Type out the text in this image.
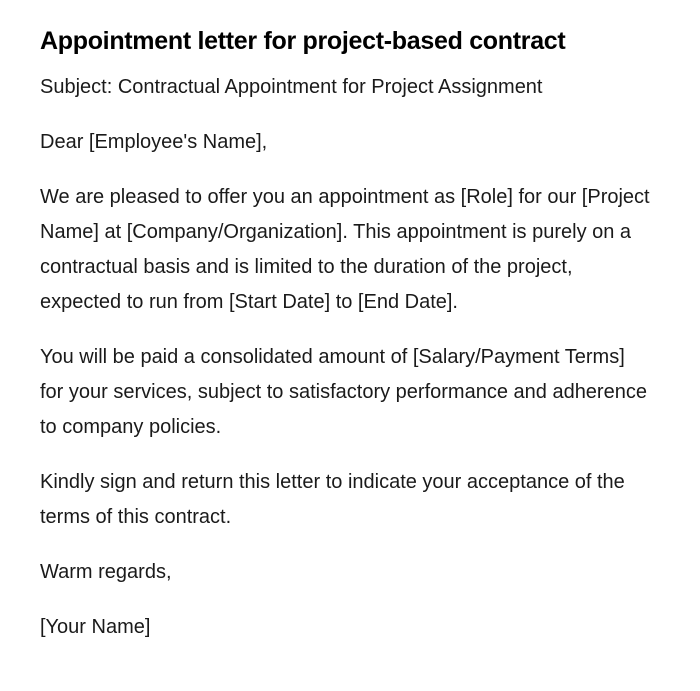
Appointment letter for project-based contract

Subject: Contractual Appointment for Project Assignment

Dear [Employee's Name],

We are pleased to offer you an appointment as [Role] for our [Project Name] at [Company/Organization]. This appointment is purely on a contractual basis and is limited to the duration of the project, expected to run from [Start Date] to [End Date].

You will be paid a consolidated amount of [Salary/Payment Terms] for your services, subject to satisfactory performance and adherence to company policies.

Kindly sign and return this letter to indicate your acceptance of the terms of this contract.

Warm regards,

[Your Name]
